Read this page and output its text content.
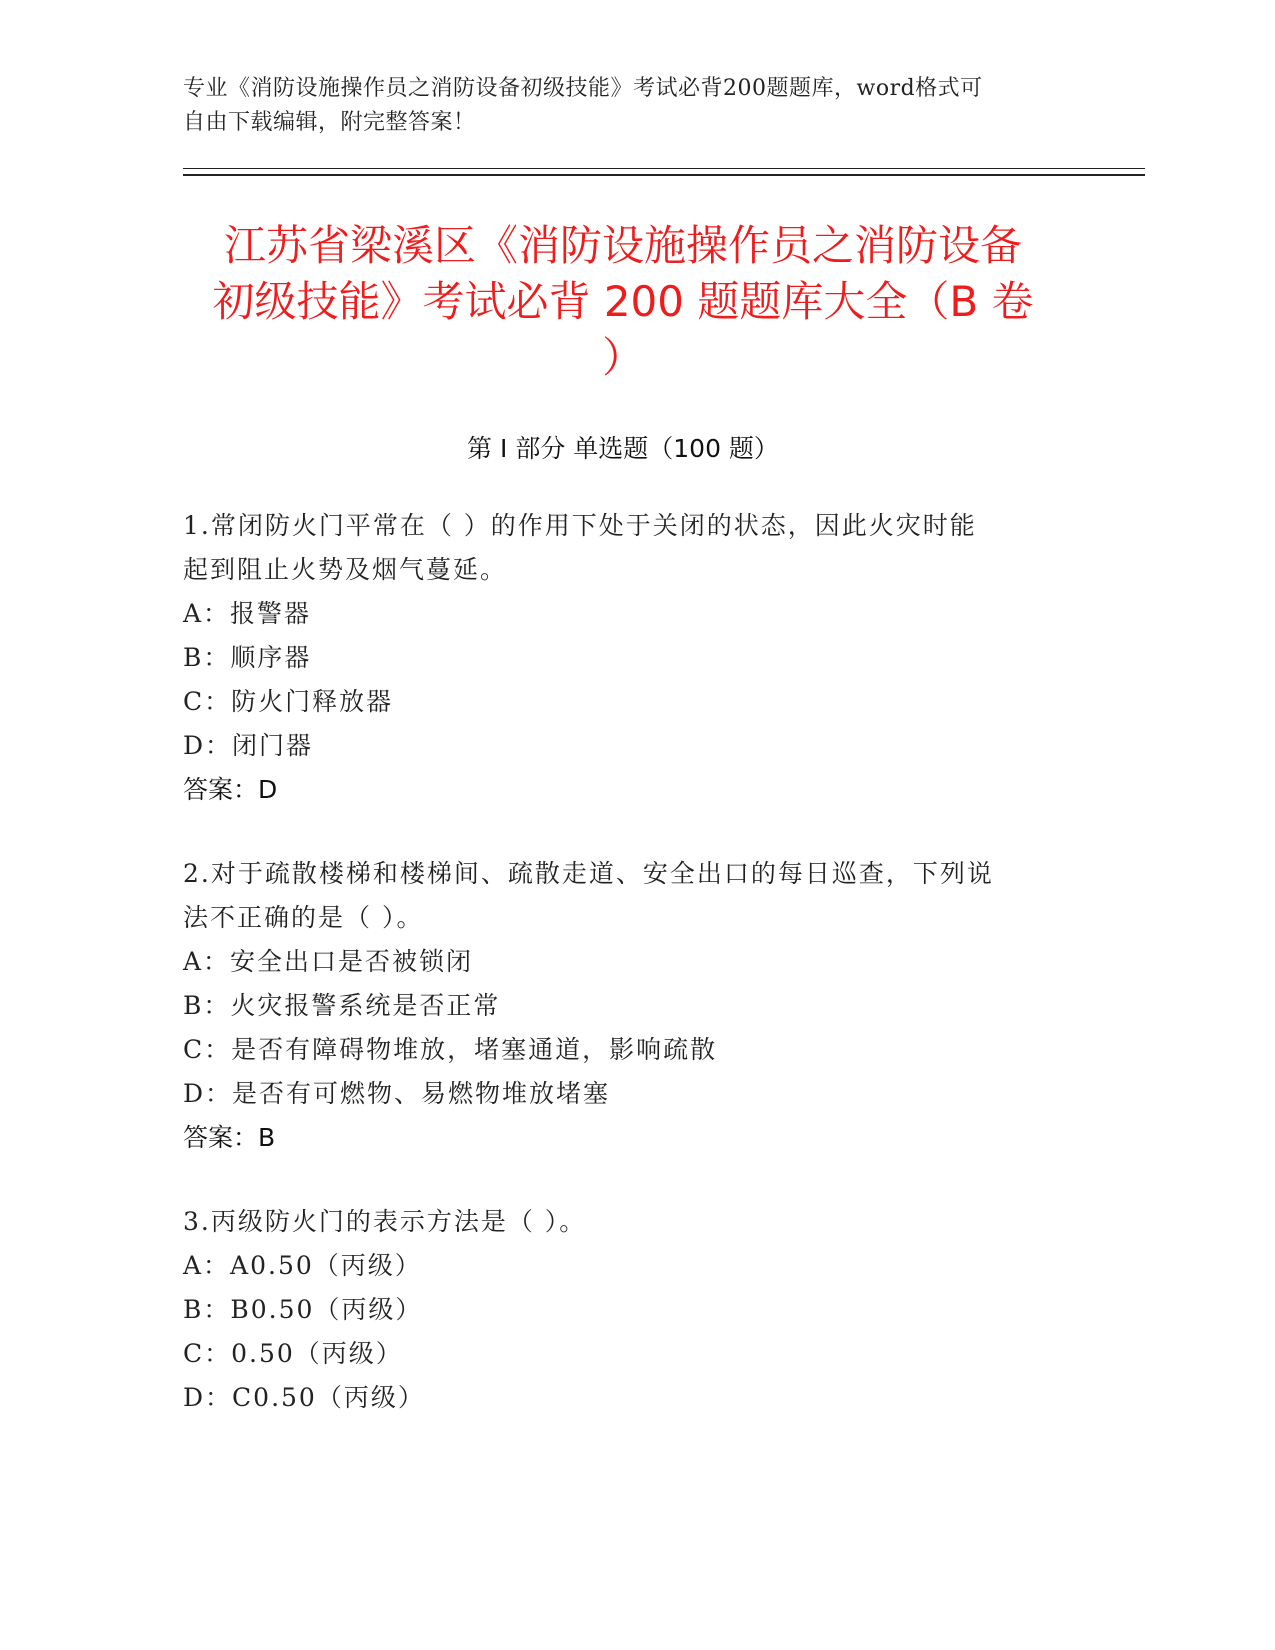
专业《消防设施操作员之消防设备初级技能》考试必背200题题库，word格式可
自由下载编辑，附完整答案！
江苏省梁溪区《消防设施操作员之消防设备
初级技能》考试必背 200 题题库大全（B 卷
）
第 I 部分 单选题（100 题）
1.常闭防火门平常在（ ）的作用下处于关闭的状态，因此火灾时能
起到阻止火势及烟气蔓延。
A：报警器
B：顺序器
C：防火门释放器
D：闭门器
答案：D
2.对于疏散楼梯和楼梯间、疏散走道、安全出口的每日巡查，下列说
法不正确的是（ ）。
A：安全出口是否被锁闭
B：火灾报警系统是否正常
C：是否有障碍物堆放，堵塞通道，影响疏散
D：是否有可燃物、易燃物堆放堵塞
答案：B
3.丙级防火门的表示方法是（ ）。
A：A0.50（丙级）
B：B0.50（丙级）
C：0.50（丙级）
D：C0.50（丙级）
